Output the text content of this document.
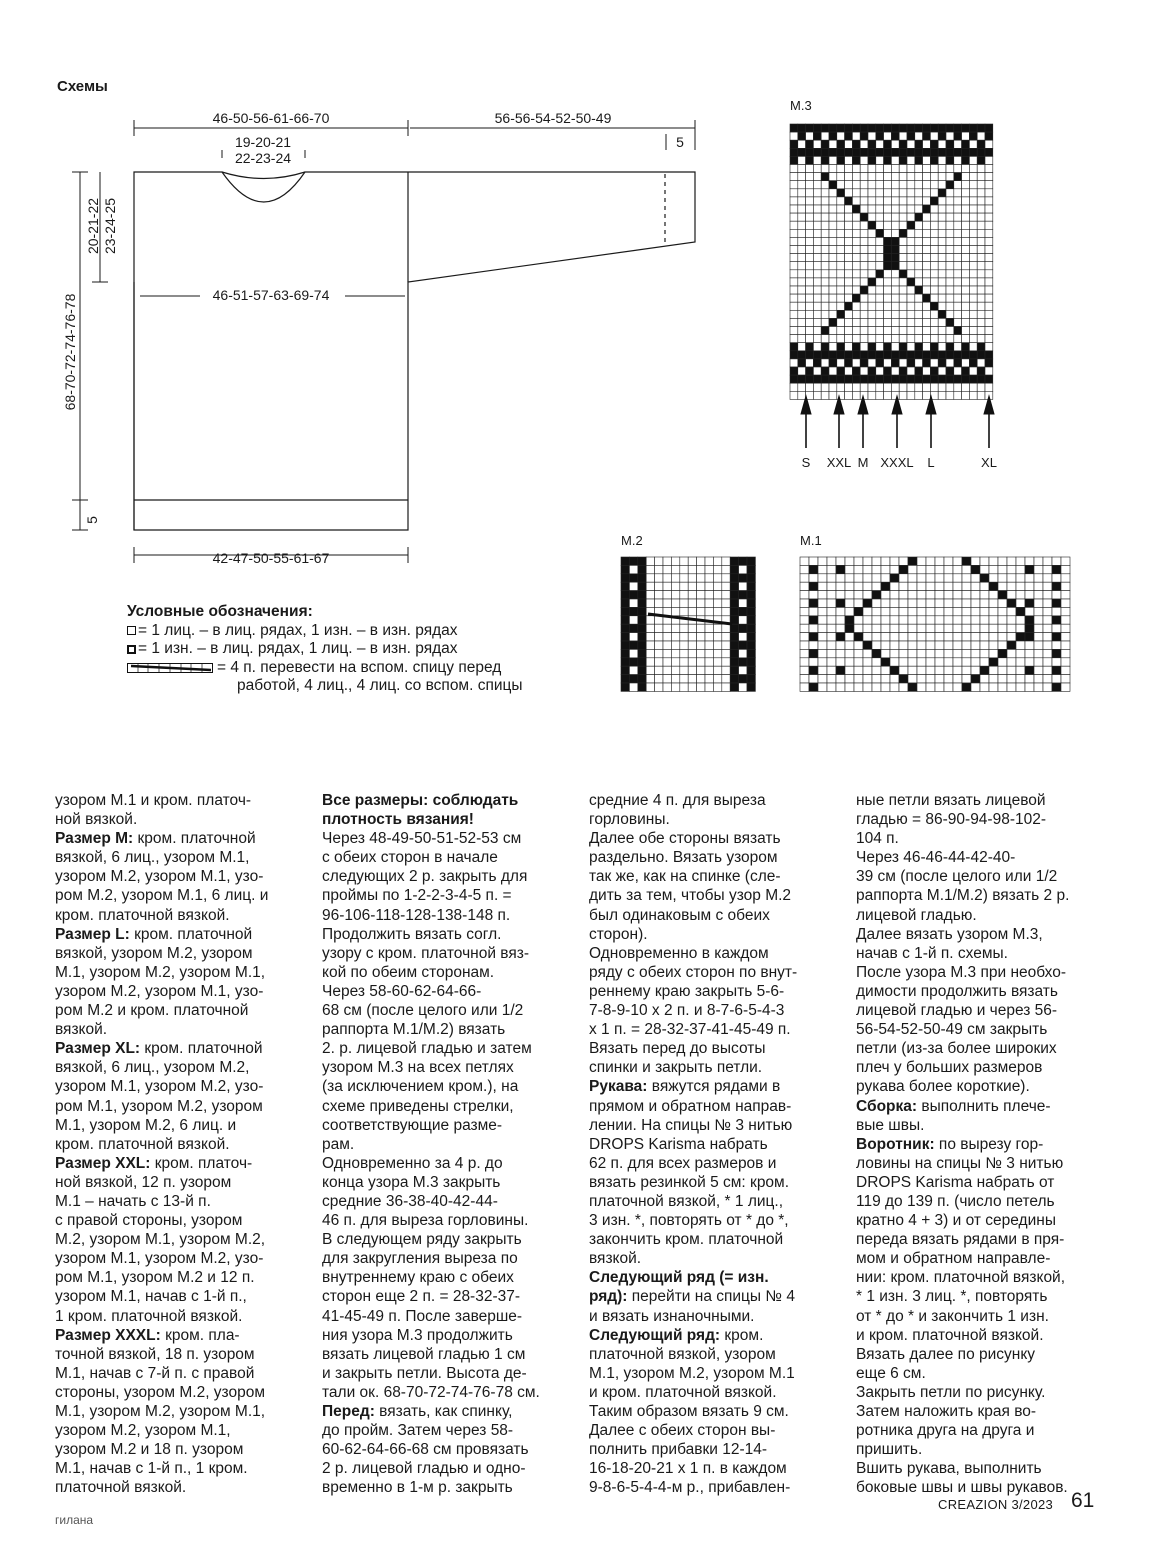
Схемы
46-50-56-61-66-70	56-56-54-52-50-49
5
19-20-21
22-23-24
46-51-57-63-69-74
42-47-50-55-61-67
20-21-22 23-24-25
68-70-72-74-76-78
5
M.3
M.2	M.1
S XXL M XXXL L	XL
Условные обозначения:
= 1 лиц. – в лиц. рядах, 1 изн. – в изн. рядах
= 1 изн. – в лиц. рядах, 1 лиц. – в изн. рядах
= 4 п. перевести на вспом. спицу перед
работой, 4 лиц., 4 лиц. со вспом. спицы
узором М.1 и кром. платоч-
ной вязкой.
Размер М: кром. платочной
вязкой, 6 лиц., узором М.1,
узором М.2, узором М.1, узо-
ром М.2, узором М.1, 6 лиц. и
кром. платочной вязкой.
Размер L: кром. платочной
вязкой, узором М.2, узором
М.1, узором М.2, узором М.1,
узором М.2, узором М.1, узо-
ром М.2 и кром. платочной
вязкой.
Размер XL: кром. платочной
вязкой, 6 лиц., узором М.2,
узором М.1, узором М.2, узо-
ром М.1, узором М.2, узором
М.1, узором М.2, 6 лиц. и
кром. платочной вязкой.
Размер XXL: кром. платоч-
ной вязкой, 12 п. узором
М.1 – начать с 13-й п.
с правой стороны, узором
М.2, узором М.1, узором М.2,
узором М.1, узором М.2, узо-
ром М.1, узором М.2 и 12 п.
узором М.1, начав с 1-й п.,
1 кром. платочной вязкой.
Размер XXXL: кром. пла-
точной вязкой, 18 п. узором
М.1, начав с 7-й п. с правой
стороны, узором М.2, узором
М.1, узором М.2, узором М.1,
узором М.2, узором М.1,
узором М.2 и 18 п. узором
М.1, начав с 1-й п., 1 кром.
платочной вязкой.
Все размеры: соблюдать
плотность вязания!
Через 48-49-50-51-52-53 см
с обеих сторон в начале
следующих 2 р. закрыть для
проймы по 1-2-2-3-4-5 п. =
96-106-118-128-138-148 п.
Продолжить вязать согл.
узору с кром. платочной вяз-
кой по обеим сторонам.
Через 58-60-62-64-66-
68 см (после целого или 1/2
раппорта М.1/М.2) вязать
2. р. лицевой гладью и затем
узором М.3 на всех петлях
(за исключением кром.), на
схеме приведены стрелки,
соответствующие разме-
рам.
Одновременно за 4 р. до
конца узора М.3 закрыть
средние 36-38-40-42-44-
46 п. для выреза горловины.
В следующем ряду закрыть
для закругления выреза по
внутреннему краю с обеих
сторон еще 2 п. = 28-32-37-
41-45-49 п. После заверше-
ния узора М.3 продолжить
вязать лицевой гладью 1 см
и закрыть петли. Высота де-
тали ок. 68-70-72-74-76-78 см.
Перед: вязать, как спинку,
до пройм. Затем через 58-
60-62-64-66-68 см провязать
2 р. лицевой гладью и одно-
временно в 1-м р. закрыть
средние 4 п. для выреза
горловины.
Далее обе стороны вязать
раздельно. Вязать узором
так же, как на спинке (сле-
дить за тем, чтобы узор М.2
был одинаковым с обеих
сторон).
Одновременно в каждом
ряду с обеих сторон по внут-
реннему краю закрыть 5-6-
7-8-9-10 х 2 п. и 8-7-6-5-4-3
х 1 п. = 28-32-37-41-45-49 п.
Вязать перед до высоты
спинки и закрыть петли.
Рукава: вяжутся рядами в
прямом и обратном направ-
лении. На спицы № 3 нитью
DROPS Karisma набрать
62 п. для всех размеров и
вязать резинкой 5 см: кром.
платочной вязкой, * 1 лиц.,
3 изн. *, повторять от * до *,
закончить кром. платочной
вязкой.
Следующий ряд (= изн.
ряд): перейти на спицы № 4
и вязать изнаночными.
Следующий ряд: кром.
платочной вязкой, узором
М.1, узором М.2, узором М.1
и кром. платочной вязкой.
Таким образом вязать 9 см.
Далее с обеих сторон вы-
полнить прибавки 12-14-
16-18-20-21 х 1 п. в каждом
9-8-6-5-4-4-м р., прибавлен-
ные петли вязать лицевой
гладью = 86-90-94-98-102-
104 п.
Через 46-46-44-42-40-
39 см (после целого или 1/2
раппорта М.1/М.2) вязать 2 р.
лицевой гладью.
Далее вязать узором М.3,
начав с 1-й п. схемы.
После узора М.3 при необхо-
димости продолжить вязать
лицевой гладью и через 56-
56-54-52-50-49 см закрыть
петли (из-за более широких
плеч у больших размеров
рукава более короткие).
Сборка: выполнить плече-
вые швы.
Воротник: по вырезу гор-
ловины на спицы № 3 нитью
DROPS Karisma набрать от
119 до 139 п. (число петель
кратно 4 + 3) и от середины
переда вязать рядами в пря-
мом и обратном направле-
нии: кром. платочной вязкой,
* 1 изн. 3 лиц. *, повторять
от * до * и закончить 1 изн.
и кром. платочной вязкой.
Вязать далее по рисунку
еще 6 см.
Закрыть петли по рисунку.
Затем наложить края во-
ротника друга на друга и
пришить.
Вшить рукава, выполнить
боковые швы и швы рукавов.
гилана
CREAZION 3/2023 61
